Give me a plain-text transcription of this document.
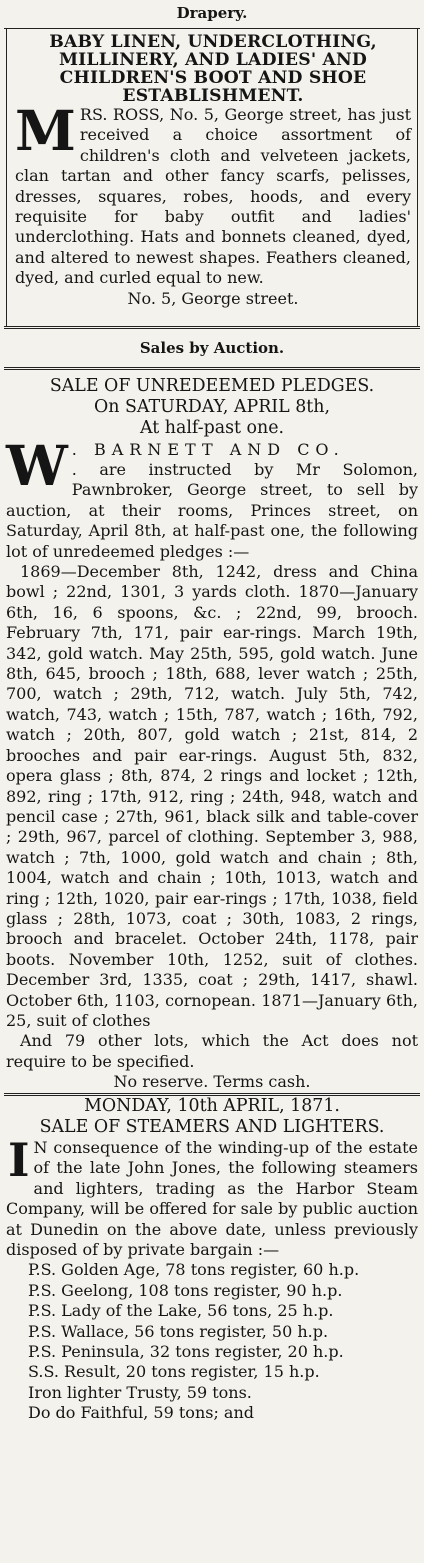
Drapery.
BABY LINEN, UNDERCLOTHING,
MILLINERY, AND LADIES' AND
CHILDREN'S BOOT AND SHOE
ESTABLISHMENT.
M RS. ROSS, No. 5, George street, has just received a choice assortment of children's cloth and velveteen jackets, clan tartan and other fancy scarfs, pelisses, dresses, squares, robes, hoods, and every requisite for baby outfit and ladies' underclothing. Hats and bonnets cleaned, dyed, and altered to newest shapes. Feathers cleaned, dyed, and curled equal to new.
No. 5, George street.
Sales by Auction.
SALE OF UNREDEEMED PLEDGES.
On SATURDAY, APRIL 8th,
At half-past one.
W . BARNETT AND CO.
. are instructed by Mr Solomon, Pawnbroker, George street, to sell by auction, at their rooms, Princes street, on Saturday, April 8th, at half-past one, the following lot of unredeemed pledges :—
1869—December 8th, 1242, dress and China bowl ; 22nd, 1301, 3 yards cloth. 1870—January 6th, 16, 6 spoons, &c. ; 22nd, 99, brooch. February 7th, 171, pair ear-rings. March 19th, 342, gold watch. May 25th, 595, gold watch. June 8th, 645, brooch ; 18th, 688, lever watch ; 25th, 700, watch ; 29th, 712, watch. July 5th, 742, watch, 743, watch ; 15th, 787, watch ; 16th, 792, watch ; 20th, 807, gold watch ; 21st, 814, 2 brooches and pair ear-rings. August 5th, 832, opera glass ; 8th, 874, 2 rings and locket ; 12th, 892, ring ; 17th, 912, ring ; 24th, 948, watch and pencil case ; 27th, 961, black silk and table-cover ; 29th, 967, parcel of clothing. September 3, 988, watch ; 7th, 1000, gold watch and chain ; 8th, 1004, watch and chain ; 10th, 1013, watch and ring ; 12th, 1020, pair ear-rings ; 17th, 1038, field glass ; 28th, 1073, coat ; 30th, 1083, 2 rings, brooch and bracelet. October 24th, 1178, pair boots. November 10th, 1252, suit of clothes. December 3rd, 1335, coat ; 29th, 1417, shawl. October 6th, 1103, cornopean. 1871—January 6th, 25, suit of clothes
And 79 other lots, which the Act does not require to be specified.
No reserve. Terms cash.
MONDAY, 10th APRIL, 1871.
SALE OF STEAMERS AND LIGHTERS.
I N consequence of the winding-up of the estate of the late John Jones, the following steamers and lighters, trading as the Harbor Steam Company, will be offered for sale by public auction at Dunedin on the above date, unless previously disposed of by private bargain :—
P.S. Golden Age, 78 tons register, 60 h.p.
P.S. Geelong, 108 tons register, 90 h.p.
P.S. Lady of the Lake, 56 tons, 25 h.p.
P.S. Wallace, 56 tons register, 50 h.p.
P.S. Peninsula, 32 tons register, 20 h.p.
S.S. Result, 20 tons register, 15 h.p.
Iron lighter Trusty, 59 tons.
Do do Faithful, 59 tons; and
